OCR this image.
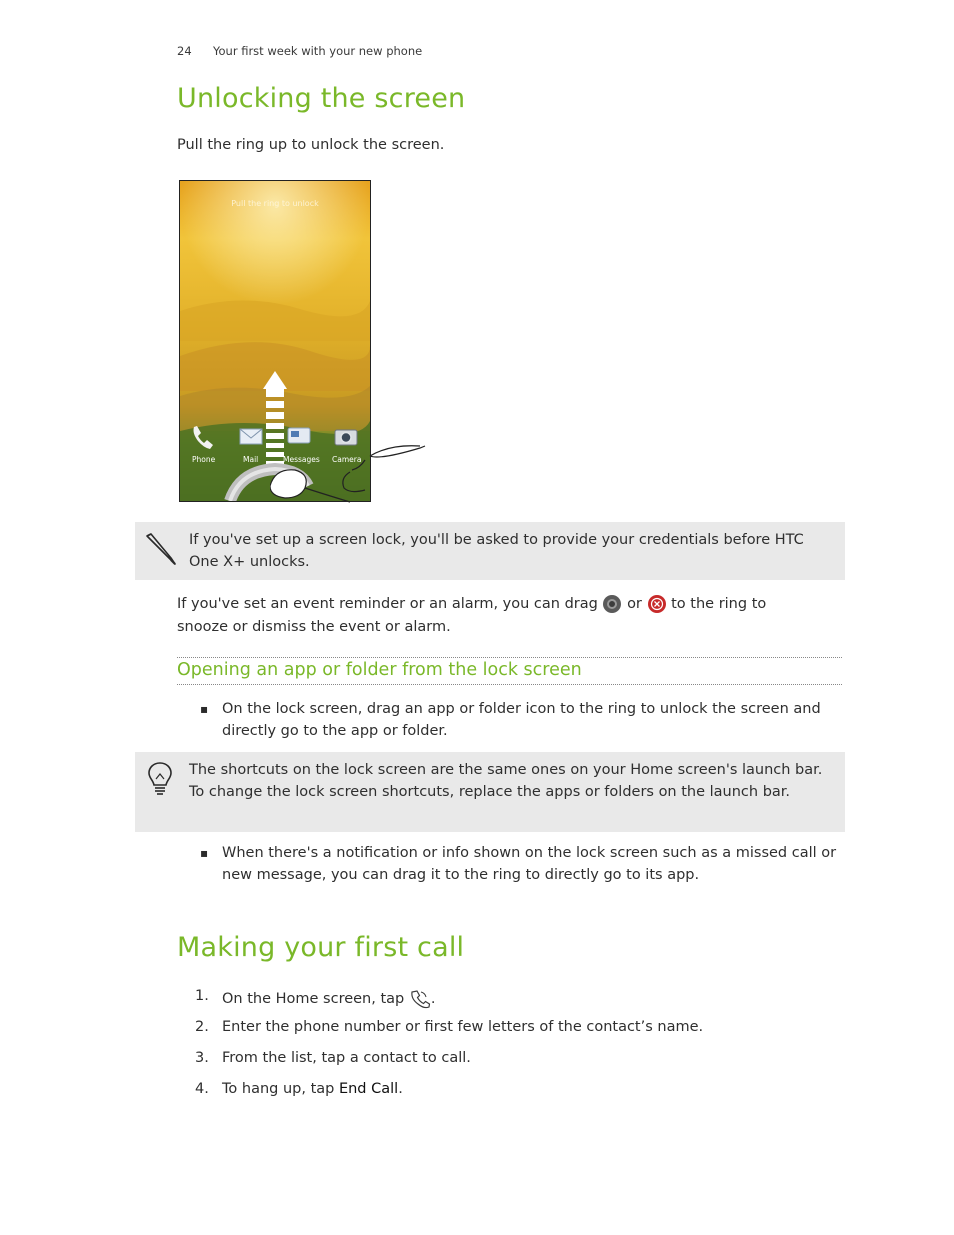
24 Your first week with your new phone
Unlocking the screen
Pull the ring up to unlock the screen.
Pull the ring to unlock
Phone	Mail	Messages Camera
If you've set up a screen lock, you'll be asked to provide your credentials before HTC One X+ unlocks.
If you've set an event reminder or an alarm, you can drag or to the ring to
snooze or dismiss the event or alarm.
Opening an app or folder from the lock screen
▪ On the lock screen, drag an app or folder icon to the ring to unlock the screen and directly go to the app or folder.
The shortcuts on the lock screen are the same ones on your Home screen's launch bar. To change the lock screen shortcuts, replace the apps or folders on the launch bar.
▪ When there's a notification or info shown on the lock screen such as a missed call or new message, you can drag it to the ring to directly go to its app.
Making your first call
1. On the Home screen, tap .
2. Enter the phone number or first few letters of the contact’s name.
3. From the list, tap a contact to call.
4. To hang up, tap End Call.
